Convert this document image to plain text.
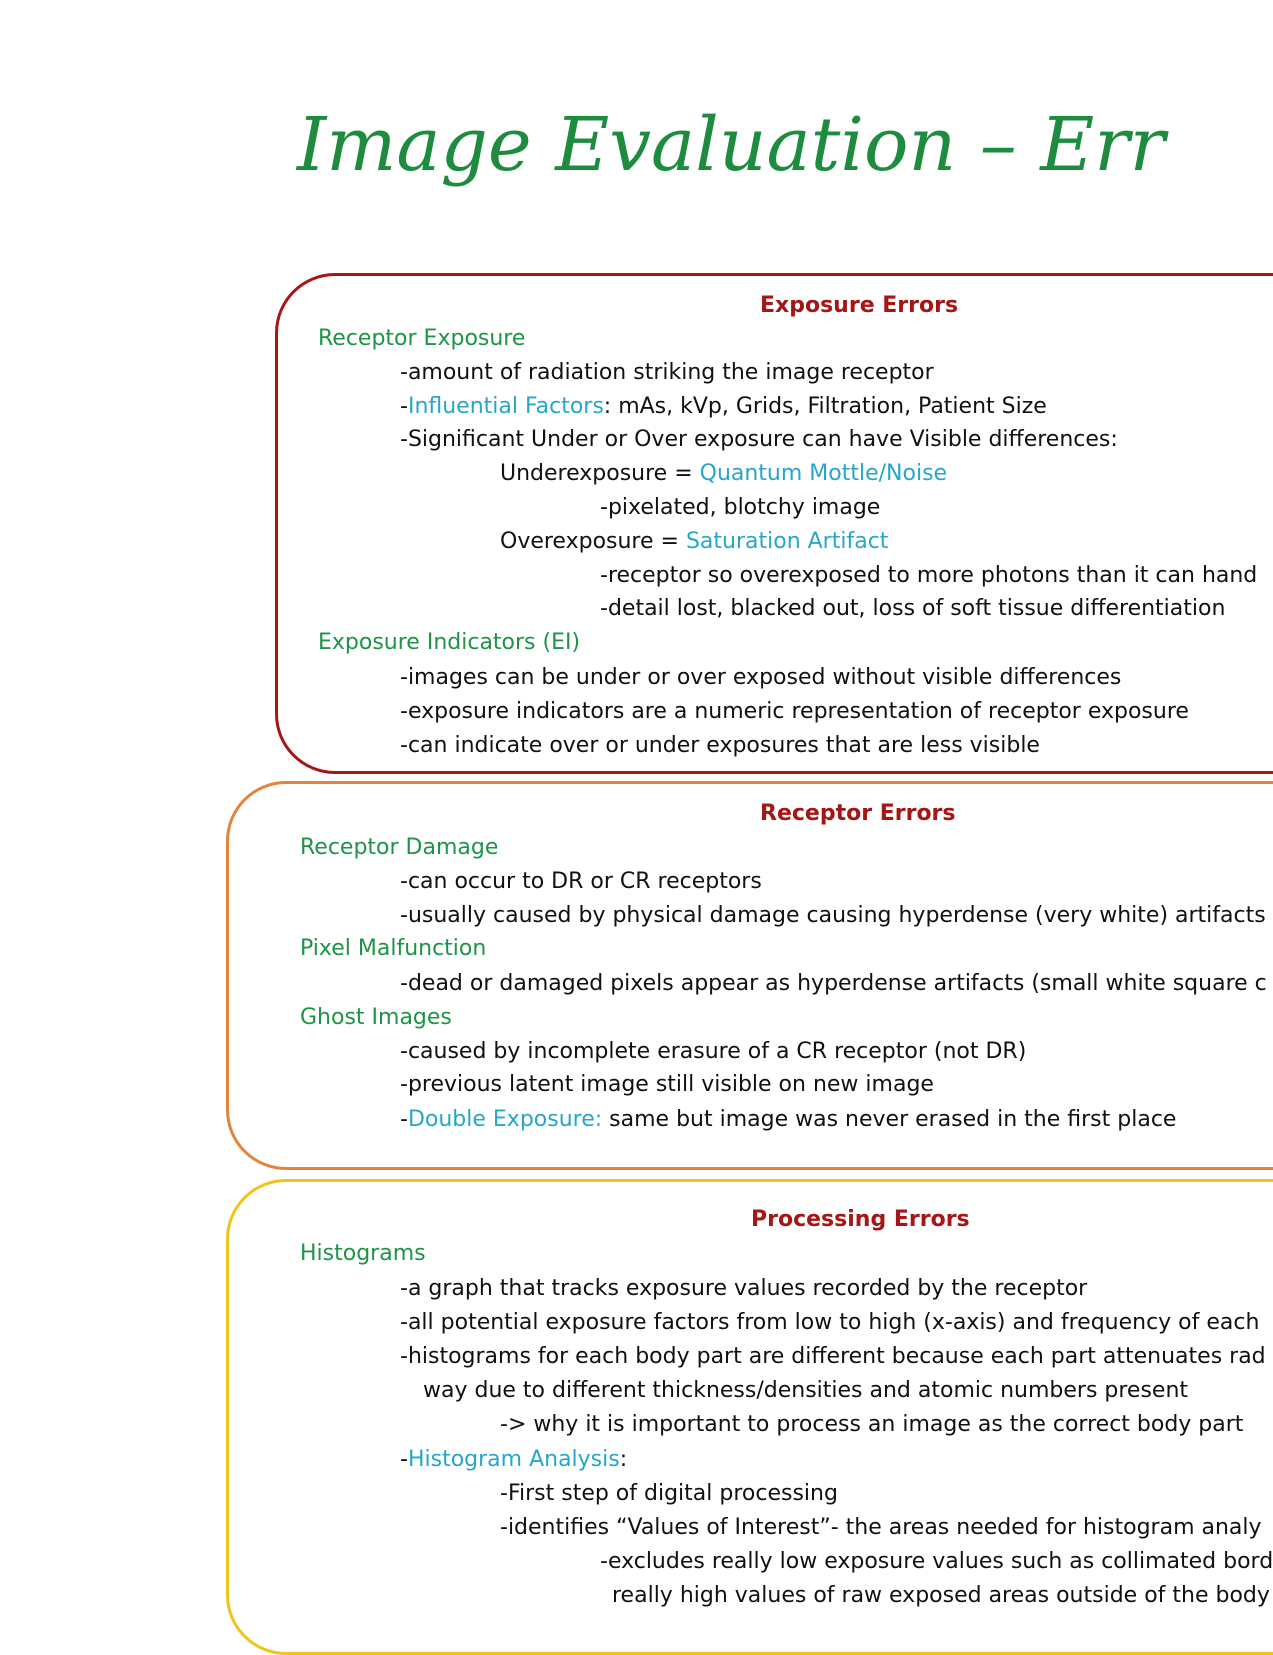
Image Evaluation – Err
Exposure Errors
Receptor Exposure
-amount of radiation striking the image receptor
-Influential Factors: mAs, kVp, Grids, Filtration, Patient Size
-Significant Under or Over exposure can have Visible differences:
Underexposure = Quantum Mottle/Noise
-pixelated, blotchy image
Overexposure = Saturation Artifact
-receptor so overexposed to more photons than it can hand
-detail lost, blacked out, loss of soft tissue differentiation
Exposure Indicators (EI)
-images can be under or over exposed without visible differences
-exposure indicators are a numeric representation of receptor exposure
-can indicate over or under exposures that are less visible
Receptor Errors
Receptor Damage
-can occur to DR or CR receptors
-usually caused by physical damage causing hyperdense (very white) artifacts
Pixel Malfunction
-dead or damaged pixels appear as hyperdense artifacts (small white square c
Ghost Images
-caused by incomplete erasure of a CR receptor (not DR)
-previous latent image still visible on new image
-Double Exposure: same but image was never erased in the first place
Processing Errors
Histograms
-a graph that tracks exposure values recorded by the receptor
-all potential exposure factors from low to high (x-axis) and frequency of each
-histograms for each body part are different because each part attenuates rad
way due to different thickness/densities and atomic numbers present
-> why it is important to process an image as the correct body part
-Histogram Analysis:
-First step of digital processing
-identifies “Values of Interest”- the areas needed for histogram analy
-excludes really low exposure values such as collimated bord
really high values of raw exposed areas outside of the body
